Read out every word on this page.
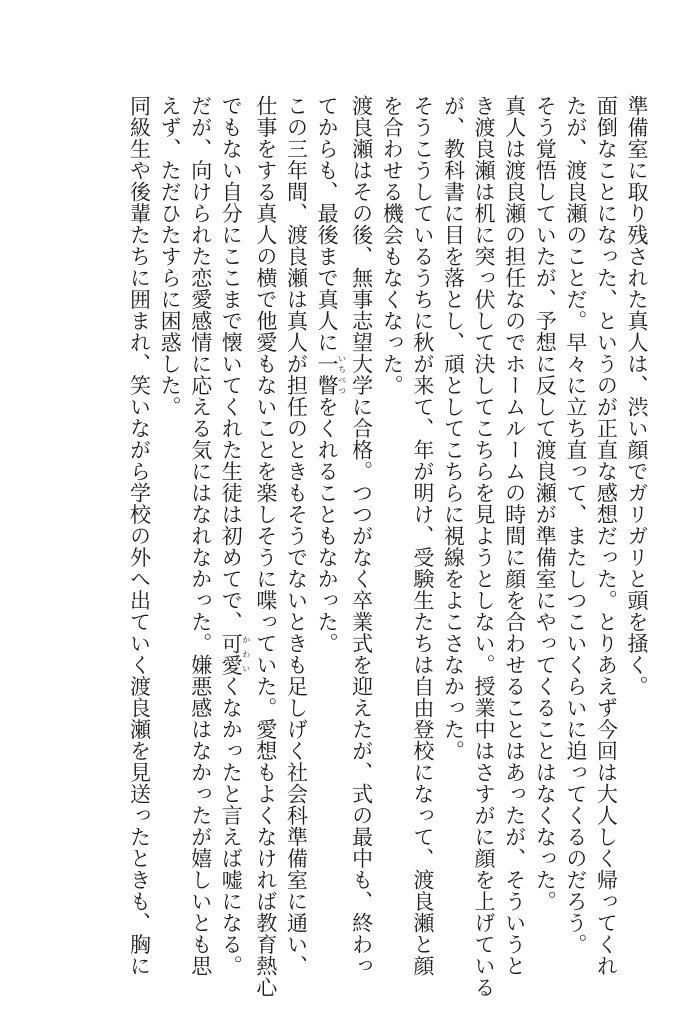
準備室に取り残された真人は、渋い顔でガリガリと頭を掻く。
面倒なことになった、というのが正直な感想だった。とりあえず今回は大人しく帰ってくれ
たが、渡良瀬のことだ。早々に立ち直って、またしつこいくらいに迫ってくるのだろう。
そう覚悟していたが、予想に反して渡良瀬が準備室にやってくることはなくなった。
真人は渡良瀬の担任なのでホームルームの時間に顔を合わせることはあったが、そういうと
き渡良瀬は机に突っ伏して決してこちらを見ようとしない。授業中はさすがに顔を上げている
が、教科書に目を落とし、頑としてこちらに視線をよこさなかった。
そうこうしているうちに秋が来て、年が明け、受験生たちは自由登校になって、渡良瀬と顔
を合わせる機会もなくなった。
渡良瀬はその後、無事志望大学に合格。つつがなく卒業式を迎えたが、式の最中も、終わっ
てからも、最後まで真人に一瞥いちべつをくれることもなかった。
この三年間、渡良瀬は真人が担任のときもそうでないときも足しげく社会科準備室に通い、
仕事をする真人の横で他愛もないことを楽しそうに喋っていた。愛想もよくなければ教育熱心
でもない自分にここまで懐いてくれた生徒は初めてで、可愛かわいくなかったと言えば嘘になる。
だが、向けられた恋愛感情に応える気にはなれなかった。嫌悪感はなかったが嬉しいとも思
えず、ただひたすらに困惑した。
同級生や後輩たちに囲まれ、笑いながら学校の外へ出ていく渡良瀬を見送ったときも、胸に
